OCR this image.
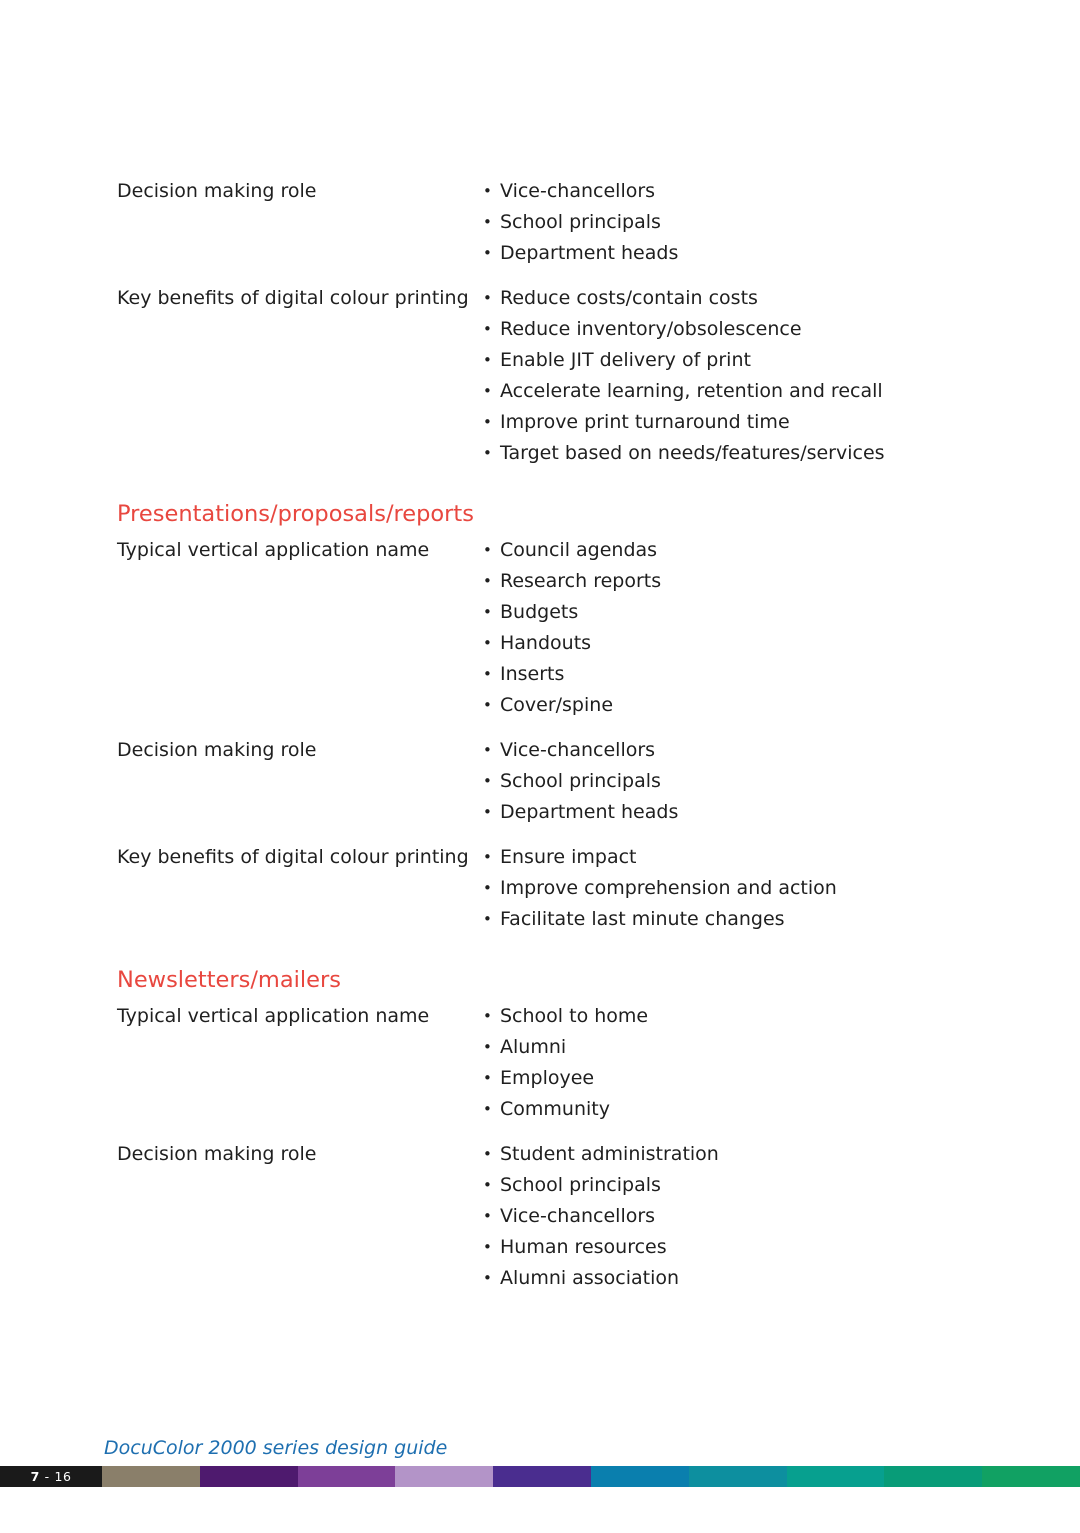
Decision making role	• Vice-chancellors
• School principals
• Department heads
Key benefits of digital colour printing • Reduce costs/contain costs
• Reduce inventory/obsolescence
• Enable JIT delivery of print
• Accelerate learning, retention and recall
• Improve print turnaround time
• Target based on needs/features/services
Presentations/proposals/reports
Typical vertical application name	• Council agendas
• Research reports
• Budgets
• Handouts
• Inserts
• Cover/spine
Decision making role	• Vice-chancellors
• School principals
• Department heads
Key benefits of digital colour printing • Ensure impact
• Improve comprehension and action
• Facilitate last minute changes
Newsletters/mailers
Typical vertical application name	• School to home
• Alumni
• Employee
• Community
Decision making role	• Student administration
• School principals
• Vice-chancellors
• Human resources
• Alumni association
DocuColor 2000 series design guide
7 - 16
